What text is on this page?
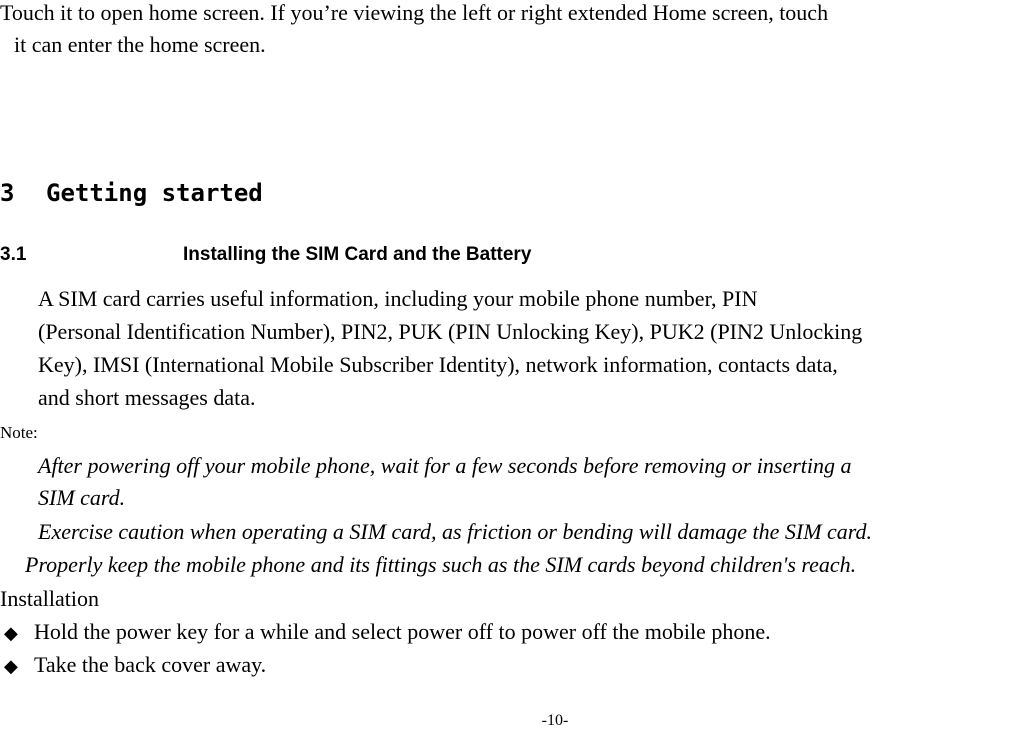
Touch it to open home screen. If you’re viewing the left or right extended Home screen, touch
it can enter the home screen.
3 Getting started
3.1	Installing the SIM Card and the Battery
A SIM card carries useful information, including your mobile phone number, PIN
(Personal Identification Number), PIN2, PUK (PIN Unlocking Key), PUK2 (PIN2 Unlocking
Key), IMSI (International Mobile Subscriber Identity), network information, contacts data,
and short messages data.
Note:
After powering off your mobile phone, wait for a few seconds before removing or inserting a
SIM card.
Exercise caution when operating a SIM card, as friction or bending will damage the SIM card.
Properly keep the mobile phone and its fittings such as the SIM cards beyond children's reach.
Installation
◆ Hold the power key for a while and select power off to power off the mobile phone.
◆ Take the back cover away.
-10-
